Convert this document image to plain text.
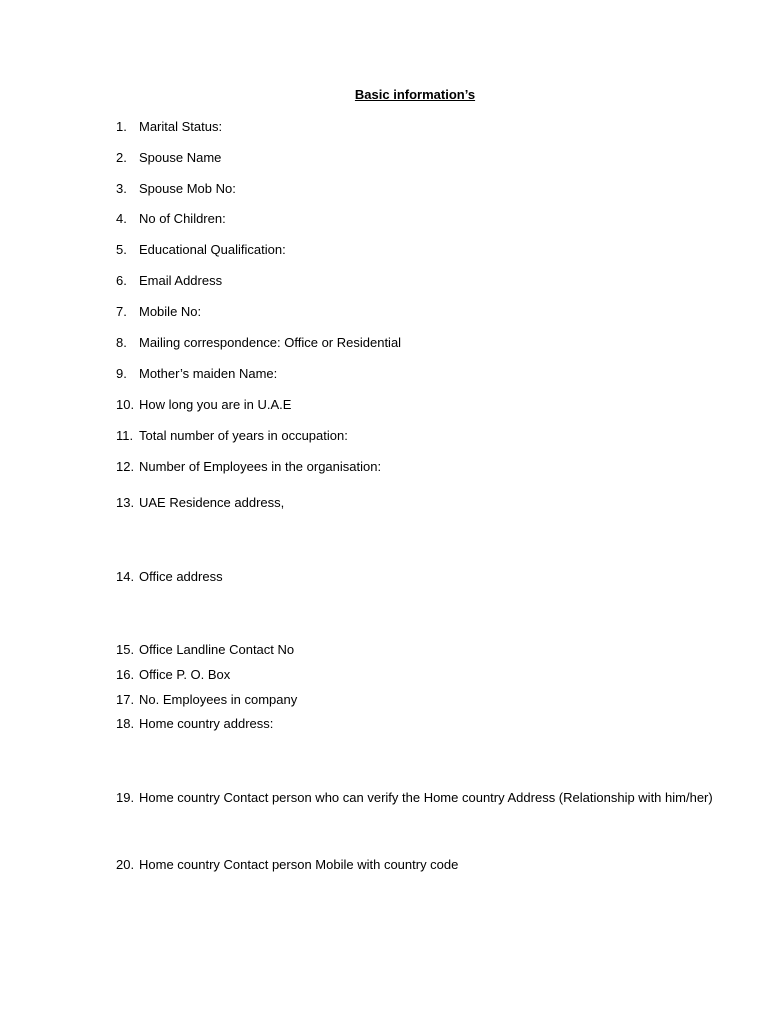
Basic information’s
1. Marital Status:
2. Spouse Name
3. Spouse Mob No:
4. No of Children:
5. Educational Qualification:
6. Email Address
7. Mobile No:
8. Mailing correspondence: Office or Residential
9. Mother’s maiden Name:
10. How long you are in U.A.E
11. Total number of years in occupation:
12. Number of Employees in the organisation:
13. UAE Residence address,
14. Office address
15. Office Landline Contact No
16. Office P. O. Box
17. No. Employees in company
18. Home country address:
19. Home country Contact person who can verify the Home country Address (Relationship with him/her)
20. Home country Contact person Mobile with country code
